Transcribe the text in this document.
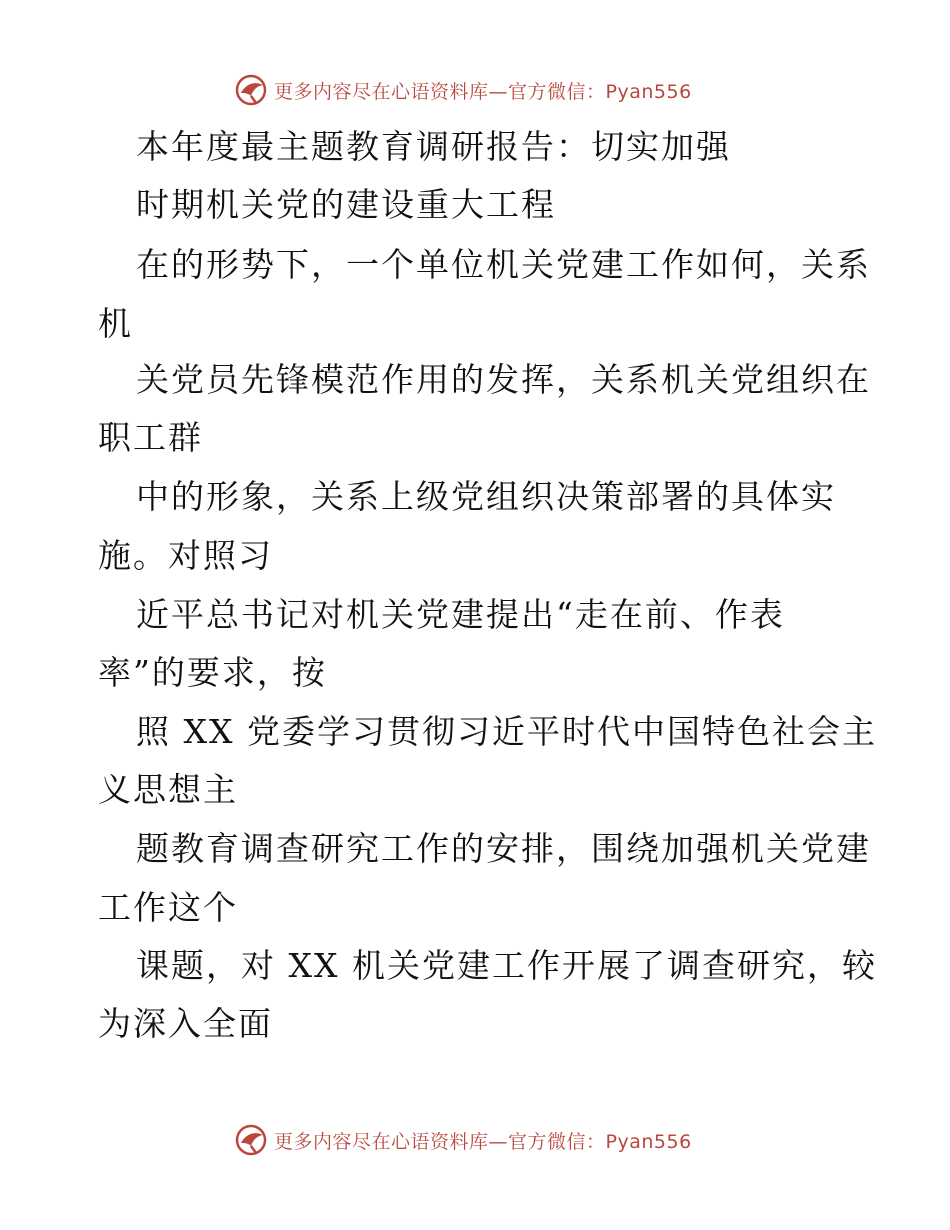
更多内容尽在心语资料库—官方微信：Pyan556
本年度最主题教育调研报告：切实加强
时期机关党的建设重大工程
在的形势下，一个单位机关党建工作如何，关系
机
关党员先锋模范作用的发挥，关系机关党组织在
职工群
中的形象，关系上级党组织决策部署的具体实
施。对照习
近平总书记对机关党建提出“走在前、作表
率”的要求，按
照 XX 党委学习贯彻习近平时代中国特色社会主
义思想主
题教育调查研究工作的安排，围绕加强机关党建
工作这个
课题，对 XX 机关党建工作开展了调查研究，较
为深入全面
更多内容尽在心语资料库—官方微信：Pyan556
